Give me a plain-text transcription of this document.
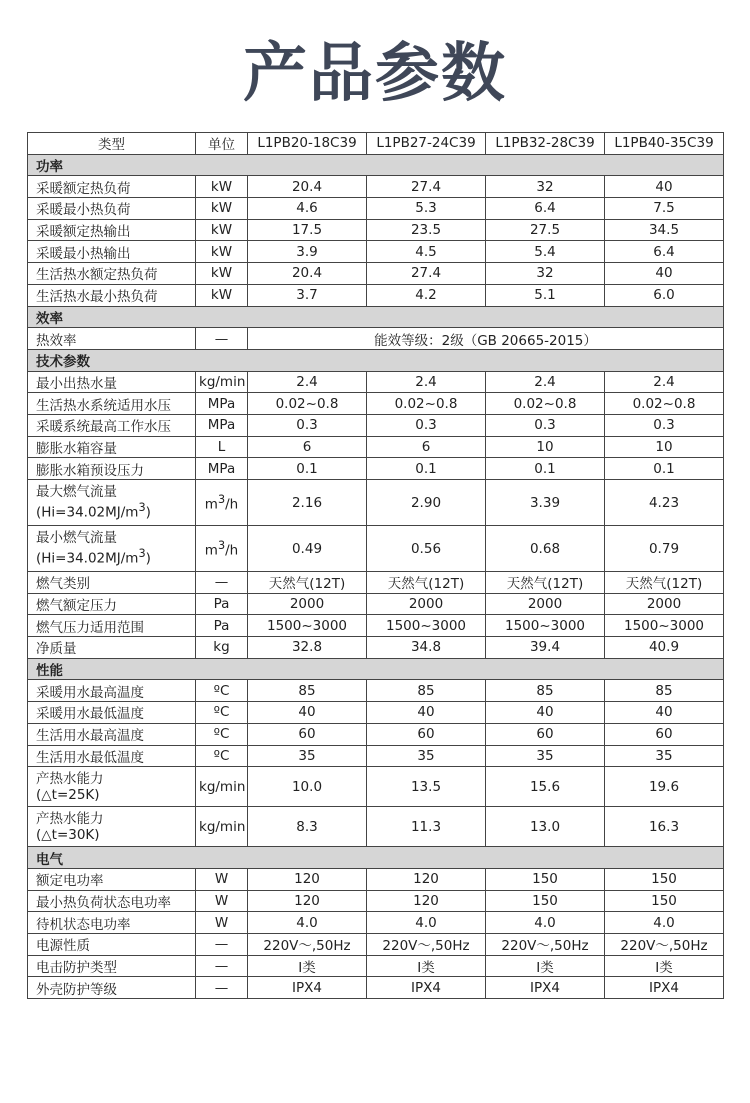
产品参数
类型	单位	L1PB20-18C39	L1PB27-24C39	L1PB32-28C39	L1PB40-35C39
功率					
采暖额定热负荷	kW	20.4	27.4	32	40
采暖最小热负荷	kW	4.6	5.3	6.4	7.5
采暖额定热输出	kW	17.5	23.5	27.5	34.5
采暖最小热输出	kW	3.9	4.5	5.4	6.4
生活热水额定热负荷	kW	20.4	27.4	32	40
生活热水最小热负荷	kW	3.7	4.2	5.1	6.0
效率					
热效率	—	能效等级：2级（GB 20665-2015）			
技术参数					
最小出热水量	kg/min	2.4	2.4	2.4	2.4
生活热水系统适用水压	MPa	0.02~0.8	0.02~0.8	0.02~0.8	0.02~0.8
采暖系统最高工作水压	MPa	0.3	0.3	0.3	0.3
膨胀水箱容量	L	6	6	10	10
膨胀水箱预设压力	MPa	0.1	0.1	0.1	0.1
最大燃气流量
$(Hi=34.02MJ/m^3)$	$m^3/h$	2.16	2.90	3.39	4.23
最小燃气流量
$(Hi=34.02MJ/m^3)$	$m^3/h$	0.49	0.56	0.68	0.79
燃气类别	—	天然气(12T)	天然气(12T)	天然气(12T)	天然气(12T)
燃气额定压力	Pa	2000	2000	2000	2000
燃气压力适用范围	Pa	1500~3000	1500~3000	1500~3000	1500~3000
净质量	kg	32.8	34.8	39.4	40.9
性能					
采暖用水最高温度	ºC	85	85	85	85
采暖用水最低温度	ºC	40	40	40	40
生活用水最高温度	ºC	60	60	60	60
生活用水最低温度	ºC	35	35	35	35
产热水能力
(△t=25K)	kg/min	10.0	13.5	15.6	19.6
产热水能力
(△t=30K)	kg/min	8.3	11.3	13.0	16.3
电气					
额定电功率	W	120	120	150	150
最小热负荷状态电功率	W	120	120	150	150
待机状态电功率	W	4.0	4.0	4.0	4.0
电源性质	—	220V〜,50Hz	220V〜,50Hz	220V〜,50Hz	220V〜,50Hz
电击防护类型	—	I类	I类	I类	I类
外壳防护等级	—	IPX4	IPX4	IPX4	IPX4
